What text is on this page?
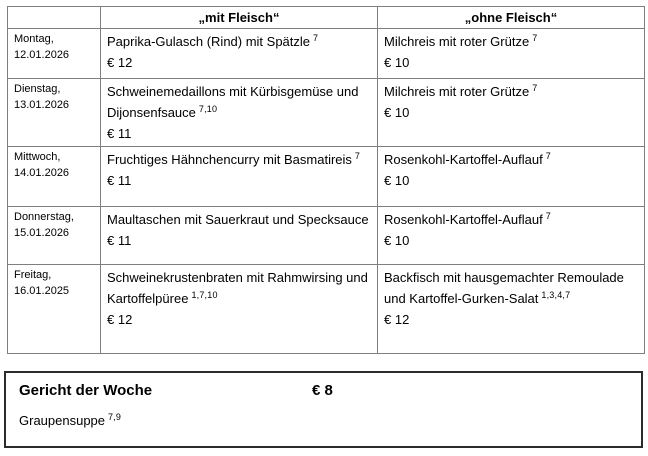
	„mit Fleisch“	„ohne Fleisch“

Montag,
12.01.2026
	Paprika-Gulasch (Rind) mit Spätzle $^7$
€ 12
	Milchreis mit roter Grütze $^7$
€ 10

Dienstag,
13.01.2026
	Schweinemedaillons mit Kürbisgemüse und Dijonsenfsauce $^{7,10}$
€ 11
	Milchreis mit roter Grütze $^7$
€ 10

Mittwoch,
14.01.2026
	Fruchtiges Hähnchencurry mit Basmatireis $^7$
€ 11
	Rosenkohl-Kartoffel-Auflauf $^7$
€ 10

Donnerstag,
15.01.2026
	Maultaschen mit Sauerkraut und Specksauce
€ 11
	Rosenkohl-Kartoffel-Auflauf $^7$
€ 10

Freitag,
16.01.2025
	Schweinekrustenbraten mit Rahmwirsing und Kartoffelpüree $^{1,7,10}$
€ 12
	Backfisch mit hausgemachter Remoulade und Kartoffel-Gurken-Salat $^{1,3,4,7}$
€ 12
Gericht der Woche	€ 8
Graupensuppe $^{7,9}$
